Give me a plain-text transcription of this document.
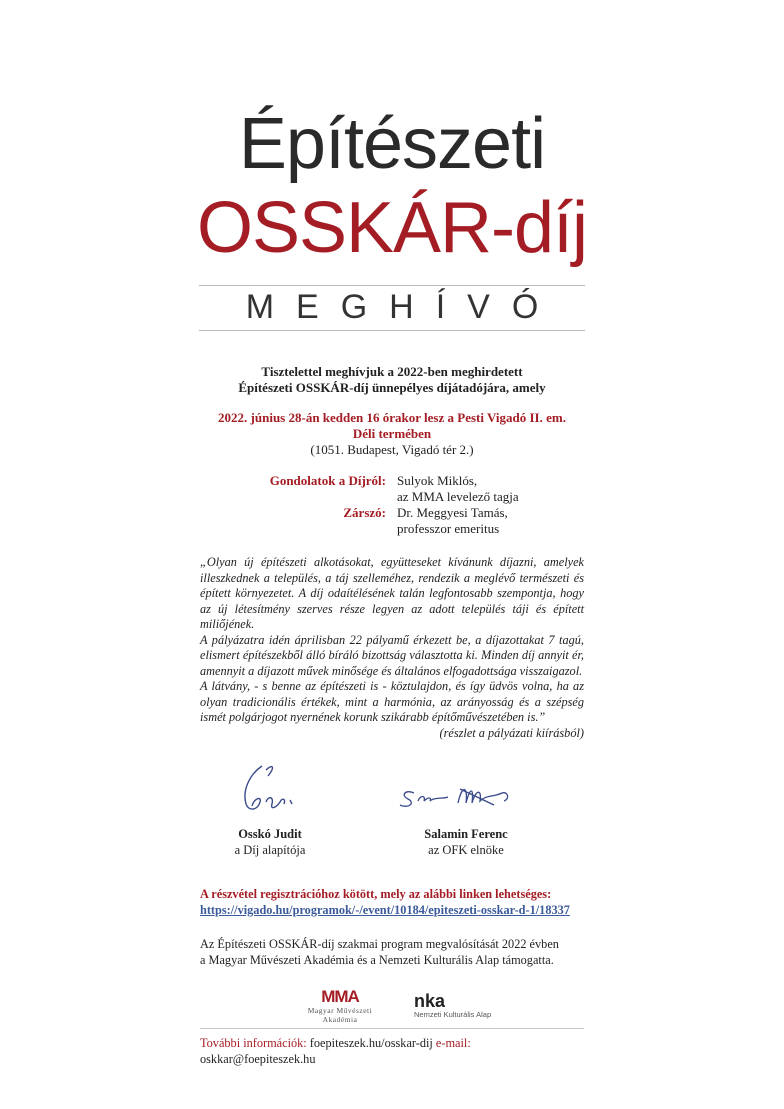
Építészeti
OSSKÁR-díj
MEGHÍVÓ
Tisztelettel meghívjuk a 2022-ben meghirdetett
Építészeti OSSKÁR-díj ünnepélyes díjátadójára, amely
2022. június 28-án kedden 16 órakor lesz a Pesti Vigadó II. em.
Déli termében
(1051. Budapest, Vigadó tér 2.)
Gondolatok a Díjról: Sulyok Miklós,
az MMA levelező tagja
Zárszó: Dr. Meggyesi Tamás,
professzor emeritus

„Olyan új építészeti alkotásokat, együtteseket kívánunk díjazni, amelyek illeszkednek a település, a táj szelleméhez, rendezik a meglévő természeti és épített környezetet. A díj odaítélésének talán legfontosabb szempontja, hogy az új létesítmény szerves része legyen az adott település táji és épített miliőjének.

A pályázatra idén áprilisban 22 pályamű érkezett be, a díjazottakat 7 tagú, elismert építészekből álló bíráló bizottság választotta ki. Minden díj annyit ér, amennyit a díjazott művek minősége és általános elfogadottsága visszaigazol.

A látvány, - s benne az építészeti is - köztulajdon, és így üdvös volna, ha az olyan tradicionális értékek, mint a harmónia, az arányosság és a szépség ismét polgárjogot nyernének korunk szikárabb építőművészetében is.”

(részlet a pályázati kiírásból)

Osskó Judit
a Díj alapítója
Salamin Ferenc
az OFK elnöke
A részvétel regisztrációhoz kötött, mely az alábbi linken lehetséges:
https://vigado.hu/programok/-/event/10184/epiteszeti-osskar-d-1/18337
Az Építészeti OSSKÁR-díj szakmai program megvalósítását 2022 évben
a Magyar Művészeti Akadémia és a Nemzeti Kulturális Alap támogatta.
MMA
Magyar Művészeti Akadémia
nka
Nemzeti Kulturális Alap
További információk: foepiteszek.hu/osskar-dij e-mail: oskkar@foepiteszek.hu
